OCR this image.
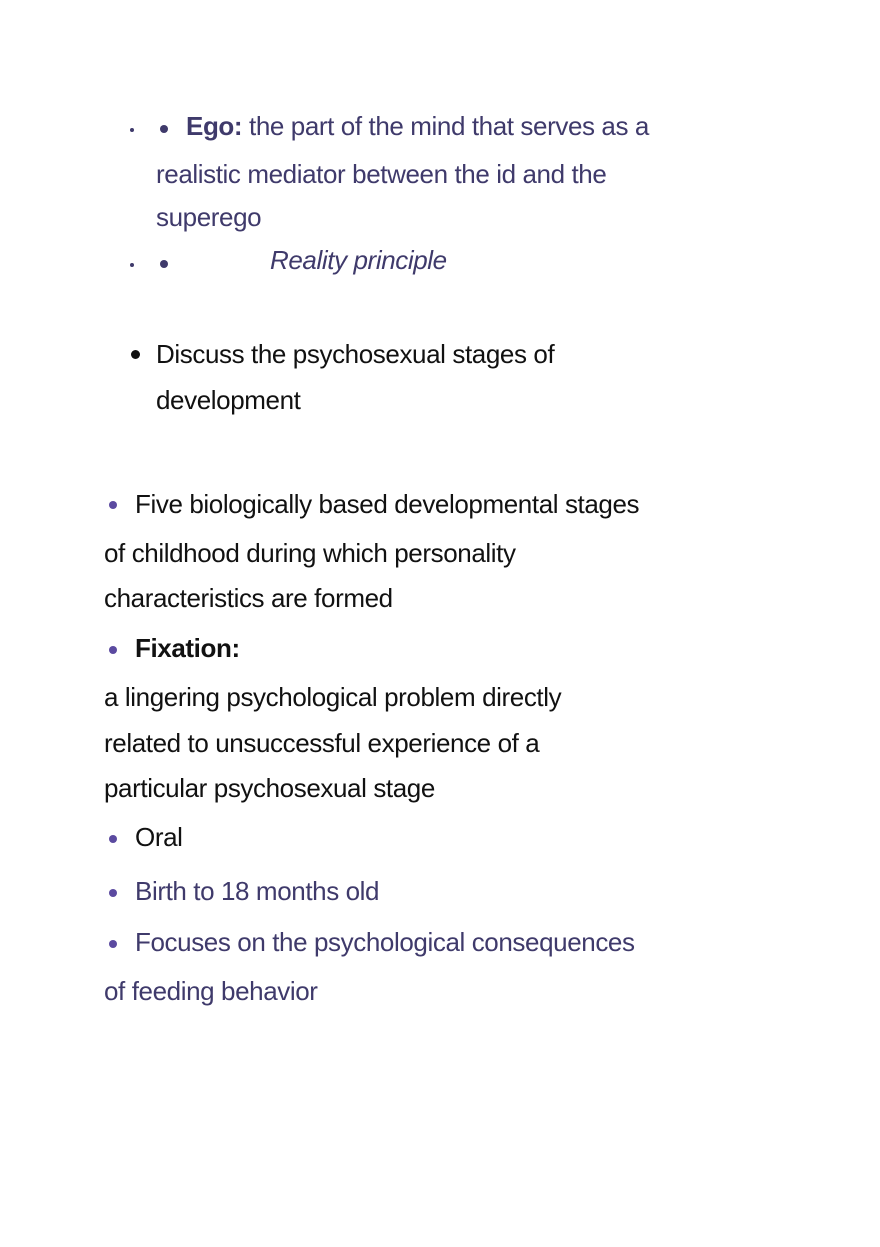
Ego: the part of the mind that serves as a
realistic mediator between the id and the
superego
Reality principle
Discuss the psychosexual stages of
development
Five biologically based developmental stages
of childhood during which personality
characteristics are formed
Fixation:
a lingering psychological problem directly
related to unsuccessful experience of a
particular psychosexual stage
Oral
Birth to 18 months old
Focuses on the psychological consequences
of feeding behavior
